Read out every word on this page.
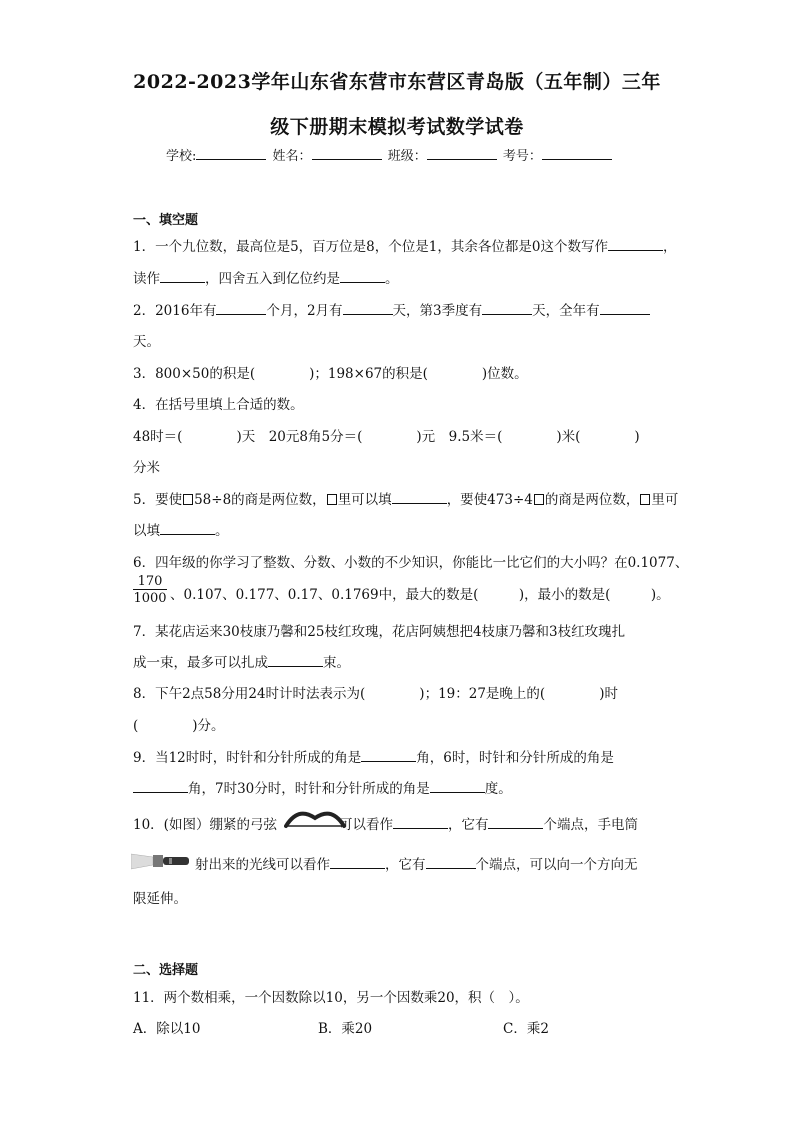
2022-2023学年山东省东营市东营区青岛版（五年制）三年
级下册期末模拟考试数学试卷
学校:	姓名：	班级：	考号：
一、填空题
1．一个九位数，最高位是5，百万位是8，个位是1，其余各位都是0这个数写作	，
读作	，四舍五入到亿位约是	。
2．2016年有	个月，2月有	天，第3季度有	天，全年有
天。
3．800×50的积是(　　　　)；198×67的积是(　　　　)位数。
4．在括号里填上合适的数。
48时＝(　　　　)天　20元8角5分＝(　　　　)元　9.5米＝(　　　　)米(　　　　)
分米
5．要使 58÷8的商是两位数， 里可以填	，要使473÷4 的商是两位数， 里可
以填	。
6．四年级的你学习了整数、分数、小数的不少知识，你能比一比它们的大小吗？在0.1077、
$\frac{170}{1000}$ 、0.107、0.177、0.17、0.1769中，最大的数是(　　　)，最小的数是(　　　)。
7．某花店运来30枝康乃馨和25枝红玫瑰，花店阿姨想把4枝康乃馨和3枝红玫瑰扎
成一束，最多可以扎成	束。
8．下午2点58分用24时计时法表示为(　　　　)；19：27是晚上的(　　　　)时
(　　　　)分。
9．当12时时，时针和分针所成的角是	角，6时，时针和分针所成的角是
角，7时30分时，时针和分针所成的角是	度。
10．(如图）绷紧的弓弦	可以看作	，它有	个端点，手电筒
射出来的光线可以看作	，它有	个端点，可以向一个方向无
限延伸。
二、选择题
11．两个数相乘，一个因数除以10，另一个因数乘20，积（　）。
A．除以10	B．乘20	C．乘2
